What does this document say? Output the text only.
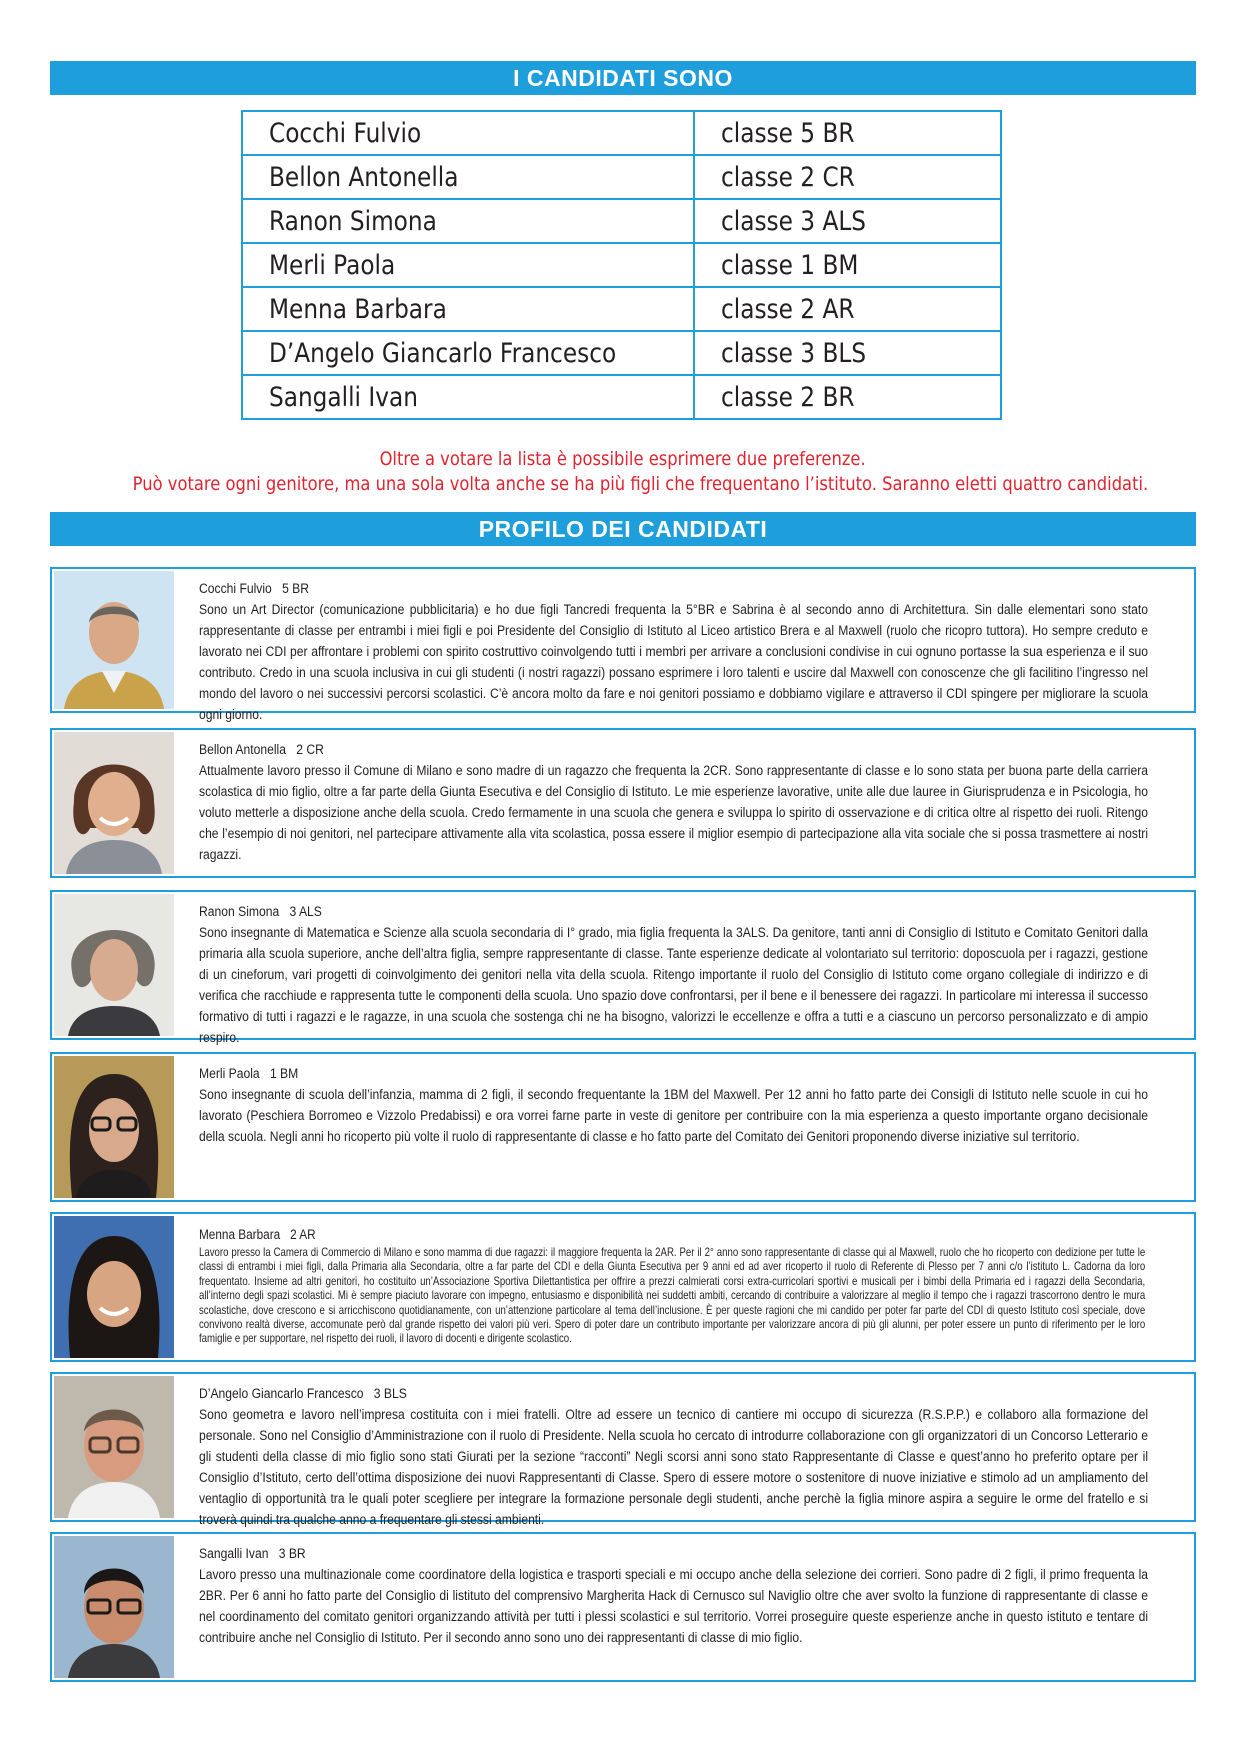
I CANDIDATI SONO
Cocchi Fulvio	classe 5 BR
Bellon Antonella	classe 2 CR
Ranon Simona	classe 3 ALS
Merli Paola	classe 1 BM
Menna Barbara	classe 2 AR
D’Angelo Giancarlo Francesco	classe 3 BLS
Sangalli Ivan	classe 2 BR
Oltre a votare la lista è possibile esprimere due preferenze.
Può votare ogni genitore, ma una sola volta anche se ha più figli che frequentano l’istituto. Saranno eletti quattro candidati.
PROFILO DEI CANDIDATI
Cocchi Fulvio 5 BR
Sono un Art Director (comunicazione pubblicitaria) e ho due figli Tancredi frequenta la 5°BR e Sabrina è al secondo anno di Architettura. Sin dalle elementari sono stato rappresentante di classe per entrambi i miei figli e poi Presidente del Consiglio di Istituto al Liceo artistico Brera e al Maxwell (ruolo che ricopro tuttora). Ho sempre creduto e lavorato nei CDI per affrontare i problemi con spirito costruttivo coinvolgendo tutti i membri per arrivare a conclusioni condivise in cui ognuno portasse la sua esperienza e il suo contributo. Credo in una scuola inclusiva in cui gli studenti (i nostri ragazzi) possano esprimere i loro talenti e uscire dal Maxwell con conoscenze che gli facilitino l’ingresso nel mondo del lavoro o nei successivi percorsi scolastici. C’è ancora molto da fare e noi genitori possiamo e dobbiamo vigilare e attraverso il CDI spingere per migliorare la scuola ogni giorno.
Bellon Antonella 2 CR
Attualmente lavoro presso il Comune di Milano e sono madre di un ragazzo che frequenta la 2CR. Sono rappresentante di classe e lo sono stata per buona parte della carriera scolastica di mio figlio, oltre a far parte della Giunta Esecutiva e del Consiglio di Istituto. Le mie esperienze lavorative, unite alle due lauree in Giurisprudenza e in Psicologia, ho voluto metterle a disposizione anche della scuola. Credo fermamente in una scuola che genera e sviluppa lo spirito di osservazione e di critica oltre al rispetto dei ruoli. Ritengo che l’esempio di noi genitori, nel partecipare attivamente alla vita scolastica, possa essere il miglior esempio di partecipazione alla vita sociale che si possa trasmettere ai nostri ragazzi.
Ranon Simona 3 ALS
Sono insegnante di Matematica e Scienze alla scuola secondaria di I° grado, mia figlia frequenta la 3ALS. Da genitore, tanti anni di Consiglio di Istituto e Comitato Genitori dalla primaria alla scuola superiore, anche dell’altra figlia, sempre rappresentante di classe. Tante esperienze dedicate al volontariato sul territorio: doposcuola per i ragazzi, gestione di un cineforum, vari progetti di coinvolgimento dei genitori nella vita della scuola. Ritengo importante il ruolo del Consiglio di Istituto come organo collegiale di indirizzo e di verifica che racchiude e rappresenta tutte le componenti della scuola. Uno spazio dove confrontarsi, per il bene e il benessere dei ragazzi. In particolare mi interessa il successo formativo di tutti i ragazzi e le ragazze, in una scuola che sostenga chi ne ha bisogno, valorizzi le eccellenze e offra a tutti e a ciascuno un percorso personalizzato e di ampio respiro.
Merli Paola 1 BM
Sono insegnante di scuola dell’infanzia, mamma di 2 figli, il secondo frequentante la 1BM del Maxwell. Per 12 anni ho fatto parte dei Consigli di Istituto nelle scuole in cui ho lavorato (Peschiera Borromeo e Vizzolo Predabissi) e ora vorrei farne parte in veste di genitore per contribuire con la mia esperienza a questo importante organo decisionale della scuola. Negli anni ho ricoperto più volte il ruolo di rappresentante di classe e ho fatto parte del Comitato dei Genitori proponendo diverse iniziative sul territorio.
Menna Barbara 2 AR
Lavoro presso la Camera di Commercio di Milano e sono mamma di due ragazzi: il maggiore frequenta la 2AR. Per il 2° anno sono rappresentante di classe qui al Maxwell, ruolo che ho ricoperto con dedizione per tutte le classi di entrambi i miei figli, dalla Primaria alla Secondaria, oltre a far parte del CDI e della Giunta Esecutiva per 9 anni ed ad aver ricoperto il ruolo di Referente di Plesso per 7 anni c/o l’istituto L. Cadorna da loro frequentato. Insieme ad altri genitori, ho costituito un’Associazione Sportiva Dilettantistica per offrire a prezzi calmierati corsi extra-curricolari sportivi e musicali per i bimbi della Primaria ed i ragazzi della Secondaria, all’interno degli spazi scolastici. Mi è sempre piaciuto lavorare con impegno, entusiasmo e disponibilità nei suddetti ambiti, cercando di contribuire a valorizzare al meglio il tempo che i ragazzi trascorrono dentro le mura scolastiche, dove crescono e si arricchiscono quotidianamente, con un’attenzione particolare al tema dell’inclusione. È per queste ragioni che mi candido per poter far parte del CDI di questo Istituto così speciale, dove convivono realtà diverse, accomunate però dal grande rispetto dei valori più veri. Spero di poter dare un contributo importante per valorizzare ancora di più gli alunni, per poter essere un punto di riferimento per le loro famiglie e per supportare, nel rispetto dei ruoli, il lavoro di docenti e dirigente scolastico.
D’Angelo Giancarlo Francesco 3 BLS
Sono geometra e lavoro nell’impresa costituita con i miei fratelli. Oltre ad essere un tecnico di cantiere mi occupo di sicurezza (R.S.P.P.) e collaboro alla formazione del personale. Sono nel Consiglio d’Amministrazione con il ruolo di Presidente. Nella scuola ho cercato di introdurre collaborazione con gli organizzatori di un Concorso Letterario e gli studenti della classe di mio figlio sono stati Giurati per la sezione “racconti” Negli scorsi anni sono stato Rappresentante di Classe e quest’anno ho preferito optare per il Consiglio d’Istituto, certo dell’ottima disposizione dei nuovi Rappresentanti di Classe. Spero di essere motore o sostenitore di nuove iniziative e stimolo ad un ampliamento del ventaglio di opportunità tra le quali poter scegliere per integrare la formazione personale degli studenti, anche perchè la figlia minore aspira a seguire le orme del fratello e si troverà quindi tra qualche anno a frequentare gli stessi ambienti.
Sangalli Ivan 3 BR
Lavoro presso una multinazionale come coordinatore della logistica e trasporti speciali e mi occupo anche della selezione dei corrieri. Sono padre di 2 figli, il primo frequenta la 2BR. Per 6 anni ho fatto parte del Consiglio di listituto del comprensivo Margherita Hack di Cernusco sul Naviglio oltre che aver svolto la funzione di rappresentante di classe e nel coordinamento del comitato genitori organizzando attività per tutti i plessi scolastici e sul territorio. Vorrei proseguire queste esperienze anche in questo istituto e tentare di contribuire anche nel Consiglio di Istituto. Per il secondo anno sono uno dei rappresentanti di classe di mio figlio.
